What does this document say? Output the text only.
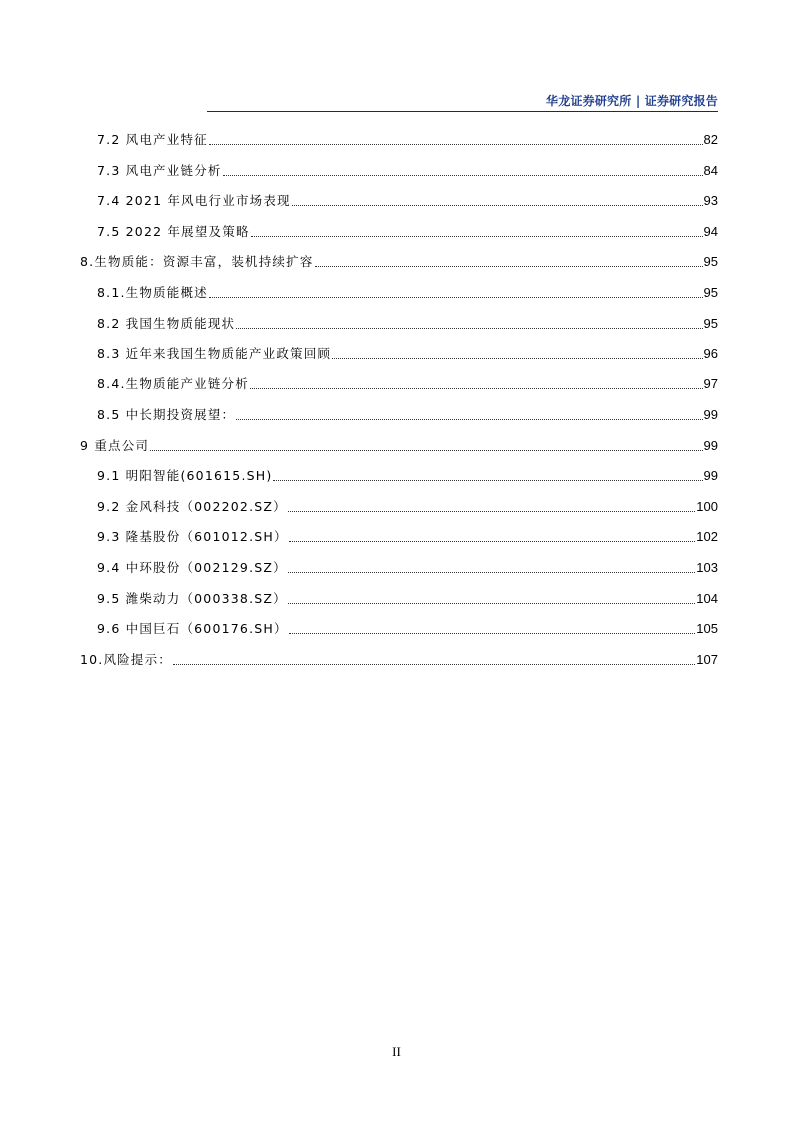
华龙证券研究所 | 证券研究报告
7.2 风电产业特征	82
7.3 风电产业链分析	84
7.4 2021 年风电行业市场表现	93
7.5 2022 年展望及策略	94
8.生物质能：资源丰富，装机持续扩容	95
8.1.生物质能概述	95
8.2 我国生物质能现状	95
8.3 近年来我国生物质能产业政策回顾	96
8.4.生物质能产业链分析	97
8.5 中长期投资展望：	99
9 重点公司	99
9.1 明阳智能(601615.SH)	99
9.2 金风科技（002202.SZ）	100
9.3 隆基股份（601012.SH）	102
9.4 中环股份（002129.SZ）	103
9.5 潍柴动力（000338.SZ）	104
9.6 中国巨石（600176.SH）	105
10.风险提示：	107
II
